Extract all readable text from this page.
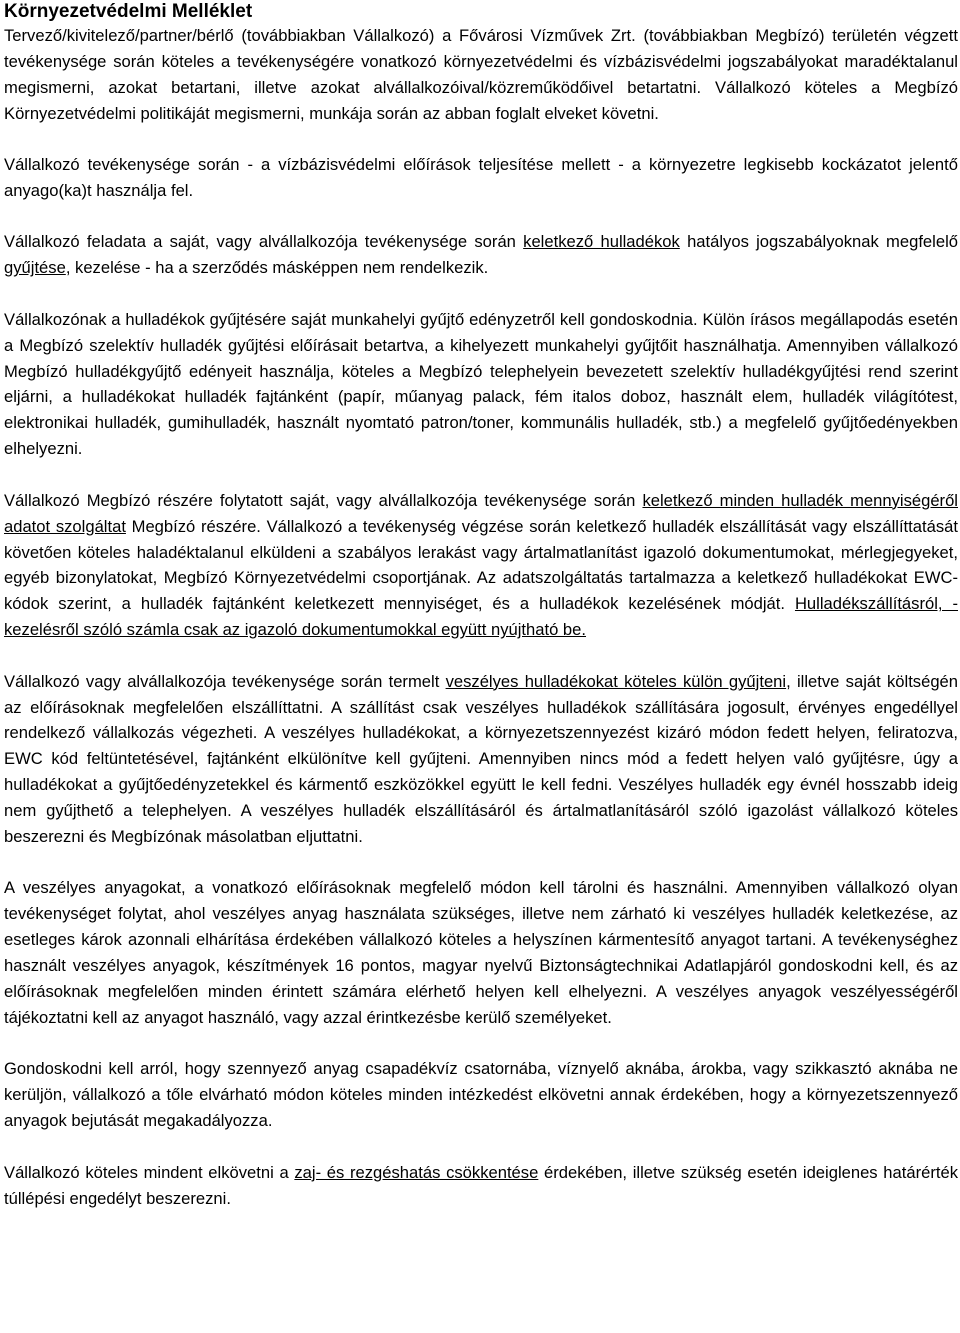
Környezetvédelmi Melléklet

Tervező/kivitelező/partner/bérlő (továbbiakban Vállalkozó) a Fővárosi Vízművek Zrt. (továbbiakban Megbízó) területén végzett tevékenysége során köteles a tevékenységére vonatkozó környezetvédelmi és vízbázisvédelmi jogszabályokat maradéktalanul megismerni, azokat betartani, illetve azokat alvállalkozóival/közreműködőivel betartatni. Vállalkozó köteles a Megbízó Környezetvédelmi politikáját megismerni, munkája során az abban foglalt elveket követni.

Vállalkozó tevékenysége során - a vízbázisvédelmi előírások teljesítése mellett - a környezetre legkisebb kockázatot jelentő anyago(ka)t használja fel.

Vállalkozó feladata a saját, vagy alvállalkozója tevékenysége során keletkező hulladékok hatályos jogszabályoknak megfelelő gyűjtése, kezelése - ha a szerződés másképpen nem rendelkezik.

Vállalkozónak a hulladékok gyűjtésére saját munkahelyi gyűjtő edényzetről kell gondoskodnia. Külön írásos megállapodás esetén a Megbízó szelektív hulladék gyűjtési előírásait betartva, a kihelyezett munkahelyi gyűjtőit használhatja. Amennyiben vállalkozó Megbízó hulladékgyűjtő edényeit használja, köteles a Megbízó telephelyein bevezetett szelektív hulladékgyűjtési rend szerint eljárni, a hulladékokat hulladék fajtánként (papír, műanyag palack, fém italos doboz, használt elem, hulladék világítótest, elektronikai hulladék, gumihulladék, használt nyomtató patron/toner, kommunális hulladék, stb.) a megfelelő gyűjtőedényekben elhelyezni.

Vállalkozó Megbízó részére folytatott saját, vagy alvállalkozója tevékenysége során keletkező minden hulladék mennyiségéről adatot szolgáltat Megbízó részére. Vállalkozó a tevékenység végzése során keletkező hulladék elszállítását vagy elszállíttatását követően köteles haladéktalanul elküldeni a szabályos lerakást vagy ártalmatlanítást igazoló dokumentumokat, mérlegjegyeket, egyéb bizonylatokat, Megbízó Környezetvédelmi csoportjának. Az adatszolgáltatás tartalmazza a keletkező hulladékokat EWC-kódok szerint, a hulladék fajtánként keletkezett mennyiséget, és a hulladékok kezelésének módját. Hulladékszállításról, -kezelésről szóló számla csak az igazoló dokumentumokkal együtt nyújtható be.

Vállalkozó vagy alvállalkozója tevékenysége során termelt veszélyes hulladékokat köteles külön gyűjteni, illetve saját költségén az előírásoknak megfelelően elszállíttatni. A szállítást csak veszélyes hulladékok szállítására jogosult, érvényes engedéllyel rendelkező vállalkozás végezheti. A veszélyes hulladékokat, a környezetszennyezést kizáró módon fedett helyen, feliratozva, EWC kód feltüntetésével, fajtánként elkülönítve kell gyűjteni. Amennyiben nincs mód a fedett helyen való gyűjtésre, úgy a hulladékokat a gyűjtőedényzetekkel és kármentő eszközökkel együtt le kell fedni. Veszélyes hulladék egy évnél hosszabb ideig nem gyűjthető a telephelyen. A veszélyes hulladék elszállításáról és ártalmatlanításáról szóló igazolást vállalkozó köteles beszerezni és Megbízónak másolatban eljuttatni.

A veszélyes anyagokat, a vonatkozó előírásoknak megfelelő módon kell tárolni és használni. Amennyiben vállalkozó olyan tevékenységet folytat, ahol veszélyes anyag használata szükséges, illetve nem zárható ki veszélyes hulladék keletkezése, az esetleges károk azonnali elhárítása érdekében vállalkozó köteles a helyszínen kármentesítő anyagot tartani. A tevékenységhez használt veszélyes anyagok, készítmények 16 pontos, magyar nyelvű Biztonságtechnikai Adatlapjáról gondoskodni kell, és az előírásoknak megfelelően minden érintett számára elérhető helyen kell elhelyezni. A veszélyes anyagok veszélyességéről tájékoztatni kell az anyagot használó, vagy azzal érintkezésbe kerülő személyeket.

Gondoskodni kell arról, hogy szennyező anyag csapadékvíz csatornába, víznyelő aknába, árokba, vagy szikkasztó aknába ne kerüljön, vállalkozó a tőle elvárható módon köteles minden intézkedést elkövetni annak érdekében, hogy a környezetszennyező anyagok bejutását megakadályozza.

Vállalkozó köteles mindent elkövetni a zaj- és rezgéshatás csökkentése érdekében, illetve szükség esetén ideiglenes határérték túllépési engedélyt beszerezni.
